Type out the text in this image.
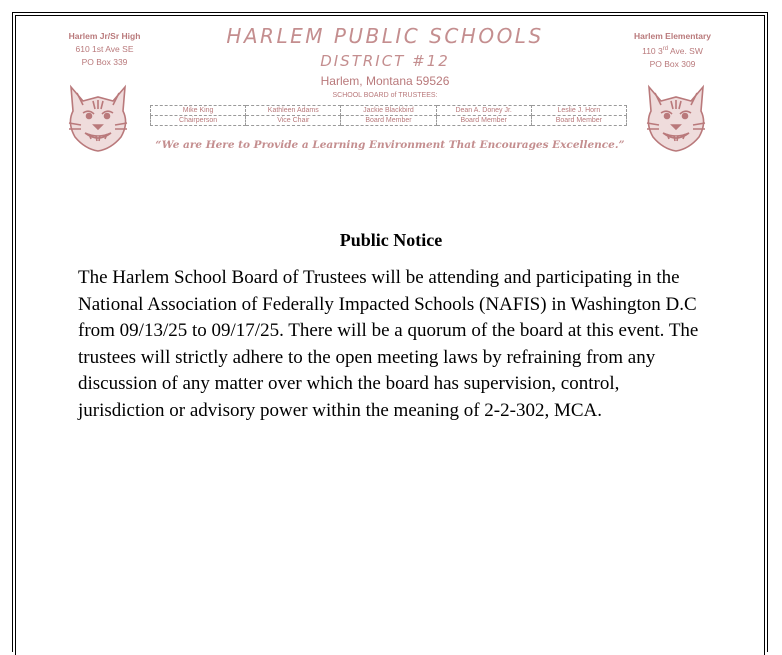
Harlem Jr/Sr High
610 1st Ave SE
PO Box 339
Harlem Elementary
110 3rd Ave. SW
PO Box 309
HARLEM PUBLIC SCHOOLS
DISTRICT #12
Harlem, Montana 59526
SCHOOL BOARD of TRUSTEES:
Mike King	Kathleen Adams	Jackie Blackbird	Dean A. Doney Jr.	Leslie J. Horn
Chairperson	Vice Chair	Board Member	Board Member	Board Member
“We are Here to Provide a Learning Environment That Encourages Excellence.”
Public Notice
The Harlem School Board of Trustees will be attending and participating in the National Association of Federally Impacted Schools (NAFIS) in Washington D.C from 09/13/25 to 09/17/25. There will be a quorum of the board at this event. The trustees will strictly adhere to the open meeting laws by refraining from any discussion of any matter over which the board has supervision, control, jurisdiction or advisory power within the meaning of 2-2-302, MCA.
